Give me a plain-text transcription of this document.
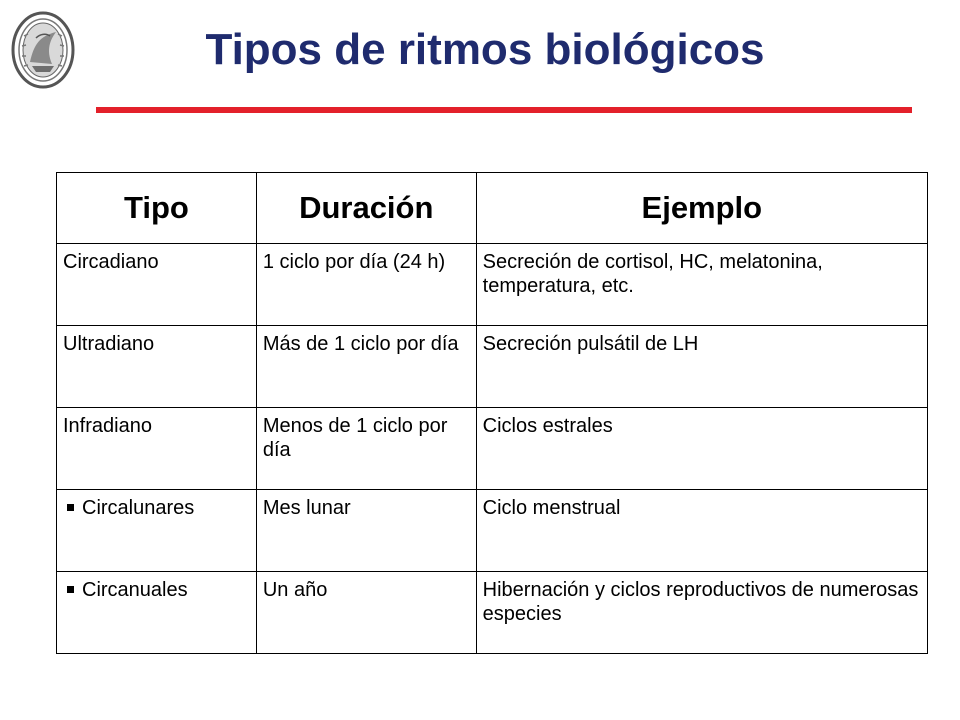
Tipos de ritmos biológicos
Tipo	Duración	Ejemplo
Circadiano	1 ciclo por día (24 h)	Secreción de cortisol, HC, melatonina, temperatura, etc.
Ultradiano	Más de 1 ciclo por día	Secreción pulsátil de LH
Infradiano	Menos de 1 ciclo por día	Ciclos estrales
Circalunares	Mes lunar	Ciclo menstrual
Circanuales	Un año	Hibernación y ciclos reproductivos de numerosas especies
